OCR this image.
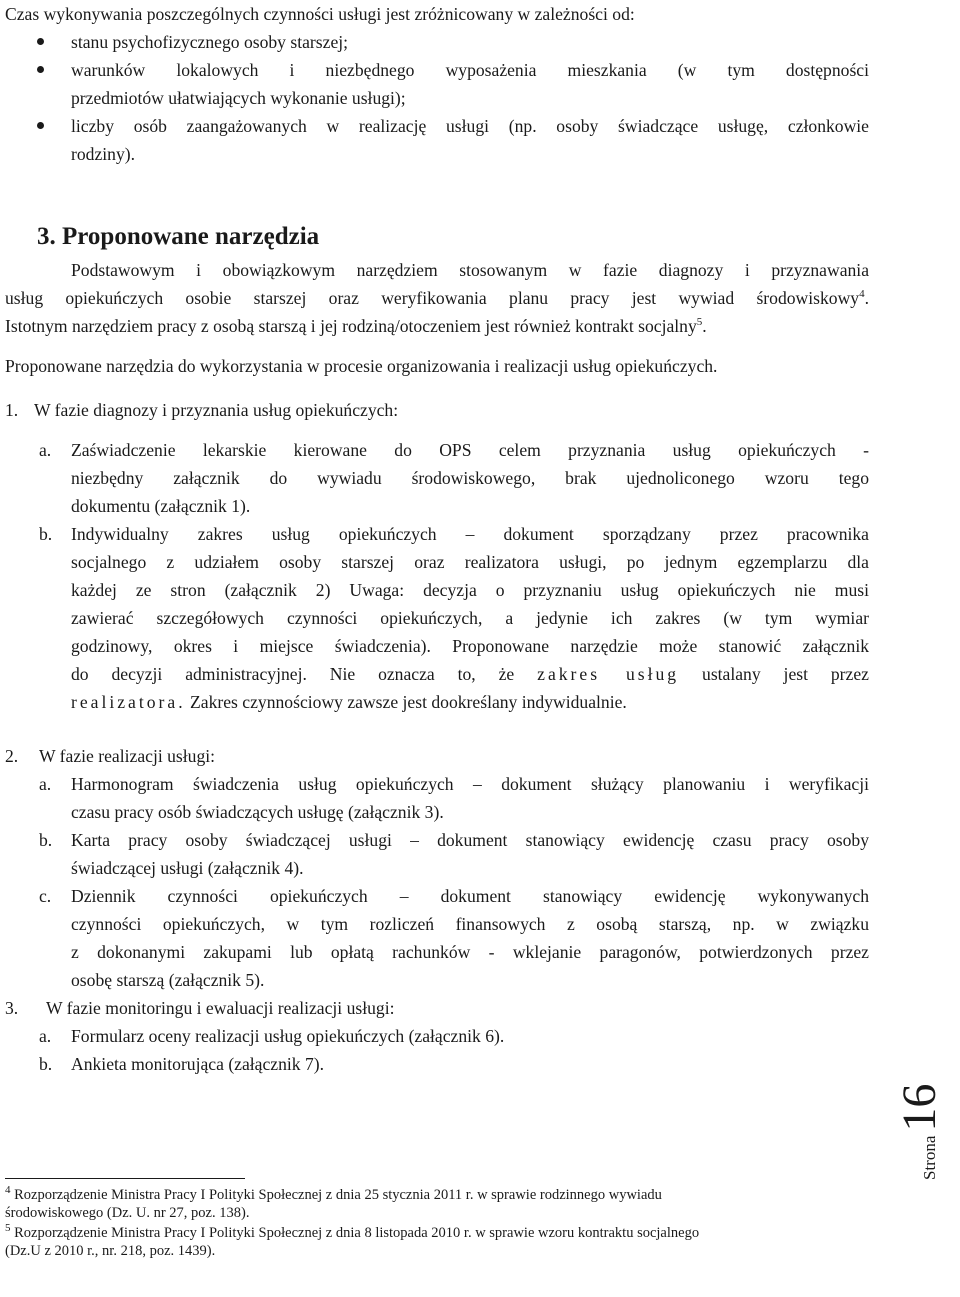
Czas wykonywania poszczególnych czynności usługi jest zróżnicowany w zależności od:
stanu psychofizycznego osoby starszej;
warunków lokalowych i niezbędnego wyposażenia mieszkania (w tym dostępności
przedmiotów ułatwiających wykonanie usługi);
liczby osób zaangażowanych w realizację usługi (np. osoby świadczące usługę, członkowie
rodziny).
3. Proponowane narzędzia
Podstawowym i obowiązkowym narzędziem stosowanym w fazie diagnozy i przyznawania
usług opiekuńczych osobie starszej oraz weryfikowania planu pracy jest wywiad środowiskowy$^4$.
Istotnym narzędziem pracy z osobą starszą i jej rodziną/otoczeniem jest również kontrakt socjalny$^5$.
Proponowane narzędzia do wykorzystania w procesie organizowania i realizacji usług opiekuńczych.
1. W fazie diagnozy i przyznania usług opiekuńczych:
a. Zaświadczenie lekarskie kierowane do OPS celem przyznania usług opiekuńczych -
niezbędny załącznik do wywiadu środowiskowego, brak ujednoliconego wzoru tego
dokumentu (załącznik 1).
b. Indywidualny zakres usług opiekuńczych – dokument sporządzany przez pracownika
socjalnego z udziałem osoby starszej oraz realizatora usługi, po jednym egzemplarzu dla
każdej ze stron (załącznik 2) Uwaga: decyzja o przyznaniu usług opiekuńczych nie musi
zawierać szczegółowych czynności opiekuńczych, a jedynie ich zakres (w tym wymiar
godzinowy, okres i miejsce świadczenia). Proponowane narzędzie może stanowić załącznik
do decyzji administracyjnej. Nie oznacza to, że zakres usług ustalany jest przez
realizatora. Zakres czynnościowy zawsze jest dookreślany indywidualnie.
2. W fazie realizacji usługi:
a. Harmonogram świadczenia usług opiekuńczych – dokument służący planowaniu i weryfikacji
czasu pracy osób świadczących usługę (załącznik 3).
b. Karta pracy osoby świadczącej usługi – dokument stanowiący ewidencję czasu pracy osoby
świadczącej usługi (załącznik 4).
c. Dziennik czynności opiekuńczych – dokument stanowiący ewidencję wykonywanych
czynności opiekuńczych, w tym rozliczeń finansowych z osobą starszą, np. w związku
z dokonanymi zakupami lub opłatą rachunków - wklejanie paragonów, potwierdzonych przez
osobę starszą (załącznik 5).
3. W fazie monitoringu i ewaluacji realizacji usługi:
a. Formularz oceny realizacji usług opiekuńczych (załącznik 6).
b. Ankieta monitorująca (załącznik 7).
Strona16
$^4$ Rozporządzenie Ministra Pracy I Polityki Społecznej z dnia 25 stycznia 2011 r. w sprawie rodzinnego wywiadu
środowiskowego (Dz. U. nr 27, poz. 138).
$^5$ Rozporządzenie Ministra Pracy I Polityki Społecznej z dnia 8 listopada 2010 r. w sprawie wzoru kontraktu socjalnego
(Dz.U z 2010 r., nr. 218, poz. 1439).
